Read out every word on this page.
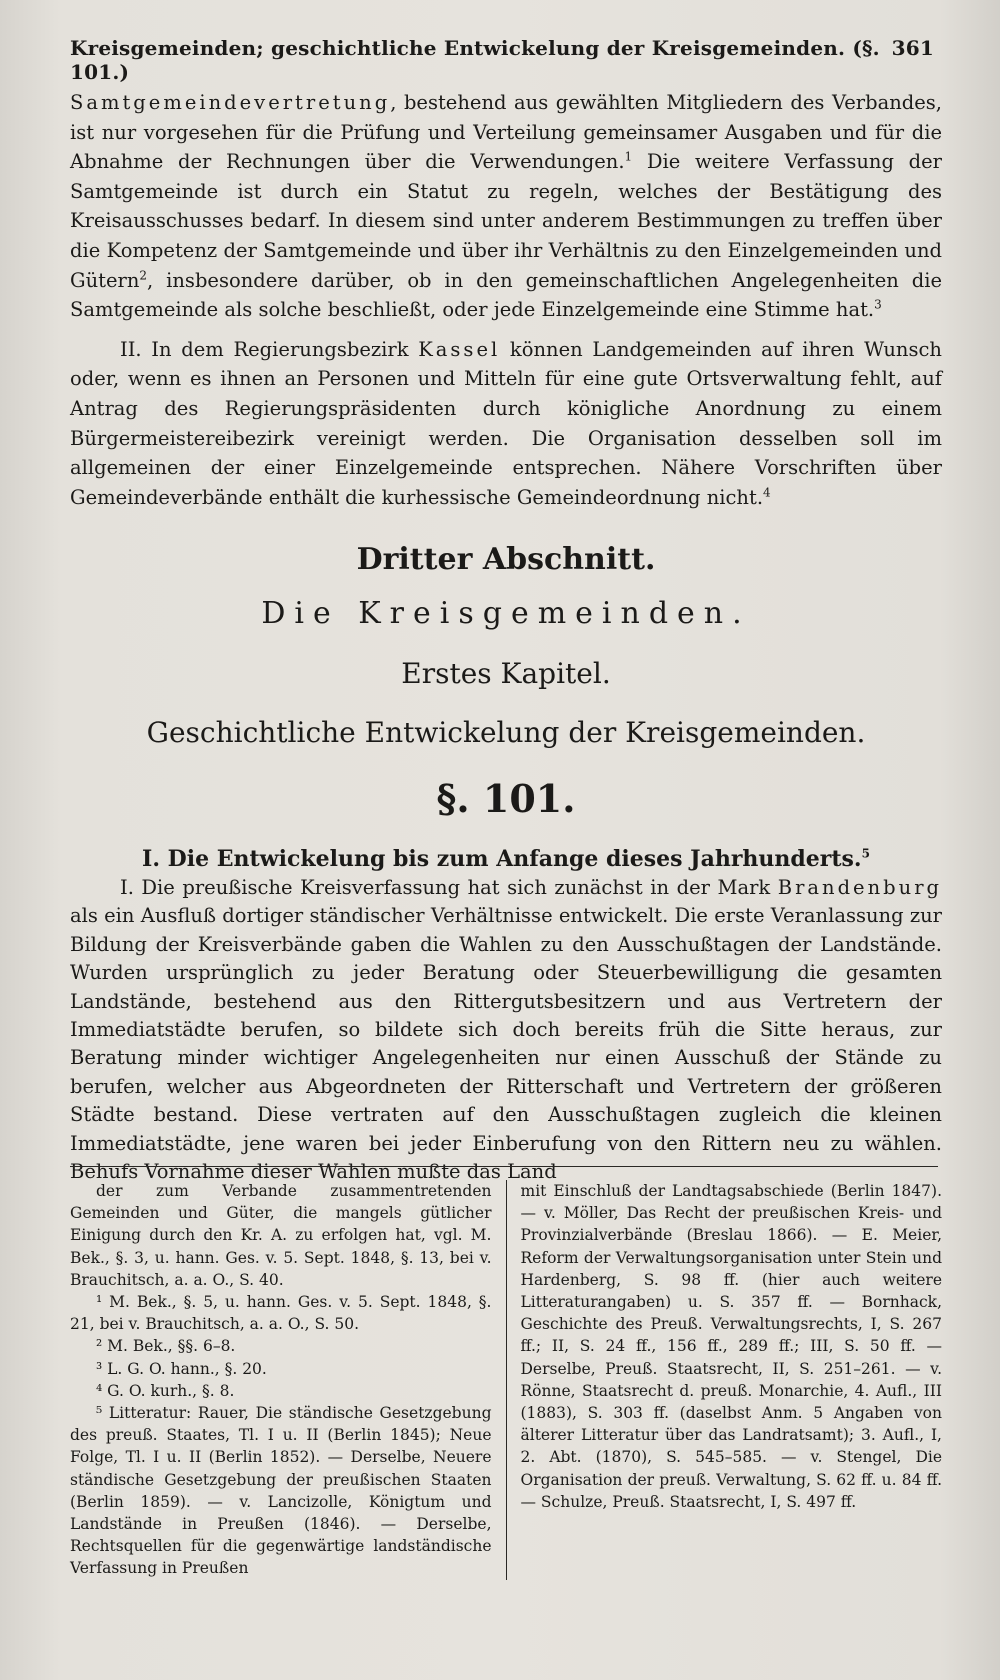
Kreisgemeinden; geschichtliche Entwickelung der Kreisgemeinden. (§. 101.)
361

Samtgemeindevertretung, bestehend aus gewählten Mitgliedern des Verbandes, ist nur vorgesehen für die Prüfung und Verteilung gemeinsamer Ausgaben und für die Abnahme der Rechnungen über die Verwendungen.$^1$ Die weitere Verfassung der Samtgemeinde ist durch ein Statut zu regeln, welches der Bestätigung des Kreisausschusses bedarf. In diesem sind unter anderem Bestimmungen zu treffen über die Kompetenz der Samtgemeinde und über ihr Verhältnis zu den Einzelgemeinden und Gütern$^2$, insbesondere darüber, ob in den gemeinschaftlichen Angelegenheiten die Samtgemeinde als solche beschließt, oder jede Einzelgemeinde eine Stimme hat.$^3$

II. In dem Regierungsbezirk Kassel können Landgemeinden auf ihren Wunsch oder, wenn es ihnen an Personen und Mitteln für eine gute Ortsverwaltung fehlt, auf Antrag des Regierungspräsidenten durch königliche Anordnung zu einem Bürgermeistereibezirk vereinigt werden. Die Organisation desselben soll im allgemeinen der einer Einzelgemeinde entsprechen. Nähere Vorschriften über Gemeindeverbände enthält die kurhessische Gemeindeordnung nicht.$^4$

Dritter Abschnitt.
Die Kreisgemeinden.
Erstes Kapitel.
Geschichtliche Entwickelung der Kreisgemeinden.
§. 101.
I. Die Entwickelung bis zum Anfange dieses Jahrhunderts.$^5$

I. Die preußische Kreisverfassung hat sich zunächst in der Mark Brandenburg als ein Ausfluß dortiger ständischer Verhältnisse entwickelt. Die erste Veranlassung zur Bildung der Kreisverbände gaben die Wahlen zu den Ausschußtagen der Landstände. Wurden ursprünglich zu jeder Beratung oder Steuerbewilligung die gesamten Landstände, bestehend aus den Rittergutsbesitzern und aus Vertretern der Immediatstädte berufen, so bildete sich doch bereits früh die Sitte heraus, zur Beratung minder wichtiger Angelegenheiten nur einen Ausschuß der Stände zu berufen, welcher aus Abgeordneten der Ritterschaft und Vertretern der größeren Städte bestand. Diese vertraten auf den Ausschußtagen zugleich die kleinen Immediatstädte, jene waren bei jeder Einberufung von den Rittern neu zu wählen. Behufs Vornahme dieser Wahlen mußte das Land

der zum Verbande zusammentretenden Gemeinden und Güter, die mangels gütlicher Einigung durch den Kr. A. zu erfolgen hat, vgl. M. Bek., §. 3, u. hann. Ges. v. 5. Sept. 1848, §. 13, bei v. Brauchitsch, a. a. O., S. 40.

¹ M. Bek., §. 5, u. hann. Ges. v. 5. Sept. 1848, §. 21, bei v. Brauchitsch, a. a. O., S. 50.

² M. Bek., §§. 6–8.

³ L. G. O. hann., §. 20.

⁴ G. O. kurh., §. 8.

⁵ Litteratur: Rauer, Die ständische Gesetzgebung des preuß. Staates, Tl. I u. II (Berlin 1845); Neue Folge, Tl. I u. II (Berlin 1852). — Derselbe, Neuere ständische Gesetzgebung der preußischen Staaten (Berlin 1859). — v. Lancizolle, Königtum und Landstände in Preußen (1846). — Derselbe, Rechtsquellen für die gegenwärtige landständische Verfassung in Preußen

mit Einschluß der Landtagsabschiede (Berlin 1847). — v. Möller, Das Recht der preußischen Kreis- und Provinzialverbände (Breslau 1866). — E. Meier, Reform der Verwaltungsorganisation unter Stein und Hardenberg, S. 98 ff. (hier auch weitere Litteraturangaben) u. S. 357 ff. — Bornhack, Geschichte des Preuß. Verwaltungsrechts, I, S. 267 ff.; II, S. 24 ff., 156 ff., 289 ff.; III, S. 50 ff. — Derselbe, Preuß. Staatsrecht, II, S. 251–261. — v. Rönne, Staatsrecht d. preuß. Monarchie, 4. Aufl., III (1883), S. 303 ff. (daselbst Anm. 5 Angaben von älterer Litteratur über das Landratsamt); 3. Aufl., I, 2. Abt. (1870), S. 545–585. — v. Stengel, Die Organisation der preuß. Verwaltung, S. 62 ff. u. 84 ff. — Schulze, Preuß. Staatsrecht, I, S. 497 ff.
